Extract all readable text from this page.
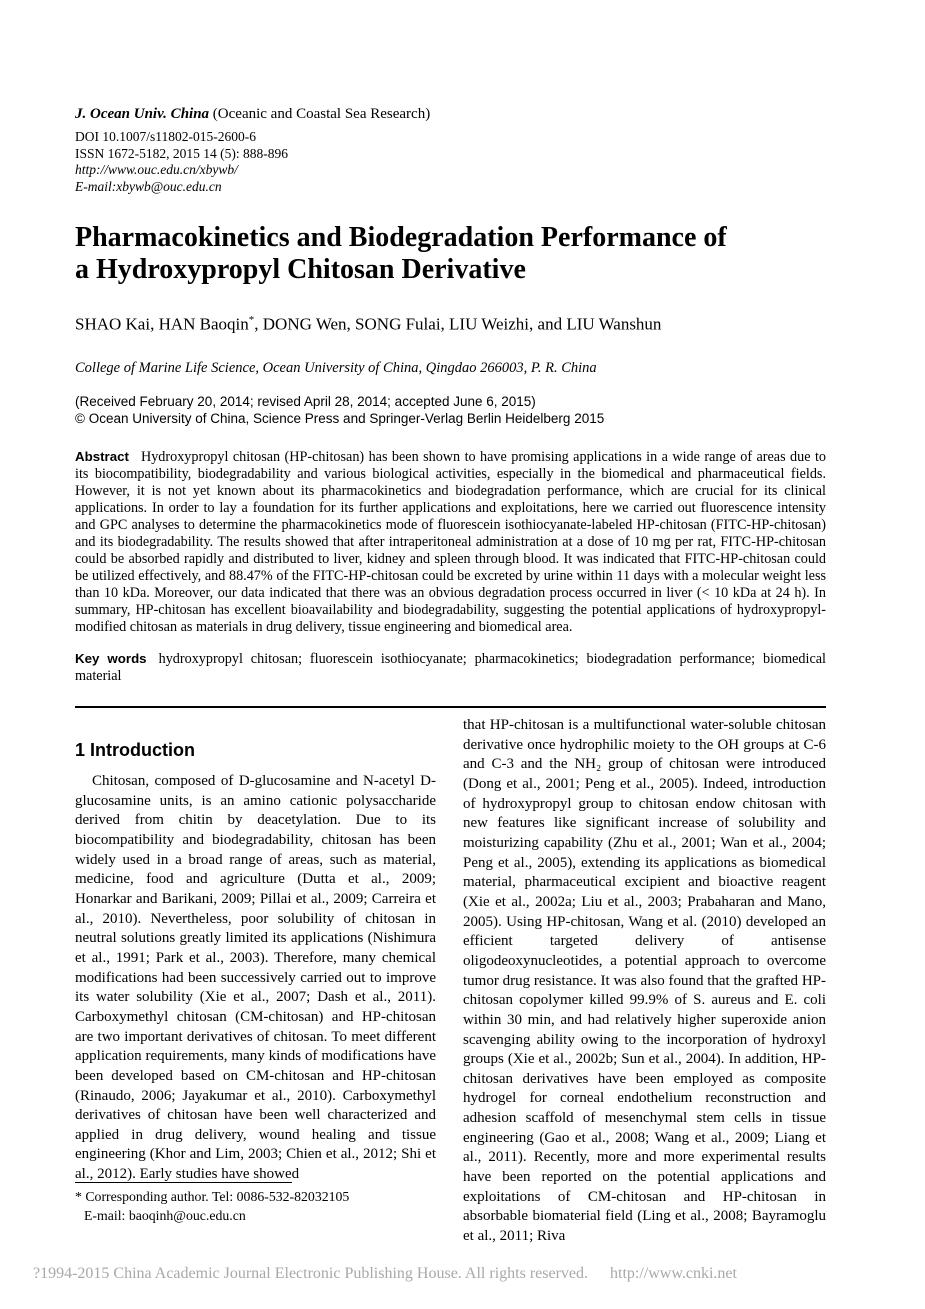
J. Ocean Univ. China (Oceanic and Coastal Sea Research)
DOI 10.1007/s11802-015-2600-6
ISSN 1672-5182, 2015 14 (5): 888-896
http://www.ouc.edu.cn/xbywb/
E-mail:xbywb@ouc.edu.cn
Pharmacokinetics and Biodegradation Performance of
a Hydroxypropyl Chitosan Derivative
SHAO Kai, HAN Baoqin*, DONG Wen, SONG Fulai, LIU Weizhi, and LIU Wanshun
College of Marine Life Science, Ocean University of China, Qingdao 266003, P. R. China
(Received February 20, 2014; revised April 28, 2014; accepted June 6, 2015)
© Ocean University of China, Science Press and Springer-Verlag Berlin Heidelberg 2015

Abstract Hydroxypropyl chitosan (HP-chitosan) has been shown to have promising applications in a wide range of areas due to its biocompatibility, biodegradability and various biological activities, especially in the biomedical and pharmaceutical fields. However, it is not yet known about its pharmacokinetics and biodegradation performance, which are crucial for its clinical applications. In order to lay a foundation for its further applications and exploitations, here we carried out fluorescence intensity and GPC analyses to determine the pharmacokinetics mode of fluorescein isothiocyanate-labeled HP-chitosan (FITC-HP-chitosan) and its biodegradability. The results showed that after intraperitoneal administration at a dose of 10 mg per rat, FITC-HP-chitosan could be absorbed rapidly and distributed to liver, kidney and spleen through blood. It was indicated that FITC-HP-chitosan could be utilized effectively, and 88.47% of the FITC-HP-chitosan could be excreted by urine within 11 days with a molecular weight less than 10 kDa. Moreover, our data indicated that there was an obvious degradation process occurred in liver (< 10 kDa at 24 h). In summary, HP-chitosan has excellent bioavailability and biodegradability, suggesting the potential applications of hydroxypropyl-modified chitosan as materials in drug delivery, tissue engineering and biomedical area.

Key words hydroxypropyl chitosan; fluorescein isothiocyanate; pharmacokinetics; biodegradation performance; biomedical material

1 Introduction

Chitosan, composed of D-glucosamine and N-acetyl D-glucosamine units, is an amino cationic polysaccharide derived from chitin by deacetylation. Due to its biocompatibility and biodegradability, chitosan has been widely used in a broad range of areas, such as material, medicine, food and agriculture (Dutta et al., 2009; Honarkar and Barikani, 2009; Pillai et al., 2009; Carreira et al., 2010). Nevertheless, poor solubility of chitosan in neutral solutions greatly limited its applications (Nishimura et al., 1991; Park et al., 2003). Therefore, many chemical modifications had been successively carried out to improve its water solubility (Xie et al., 2007; Dash et al., 2011). Carboxymethyl chitosan (CM-chitosan) and HP-chitosan are two important derivatives of chitosan. To meet different application requirements, many kinds of modifications have been developed based on CM-chitosan and HP-chitosan (Rinaudo, 2006; Jayakumar et al., 2010). Carboxymethyl derivatives of chitosan have been well characterized and applied in drug delivery, wound healing and tissue engineering (Khor and Lim, 2003; Chien et al., 2012; Shi et al., 2012). Early studies have showed

that HP-chitosan is a multifunctional water-soluble chitosan derivative once hydrophilic moiety to the OH groups at C-6 and C-3 and the NH₂ group of chitosan were introduced (Dong et al., 2001; Peng et al., 2005). Indeed, introduction of hydroxypropyl group to chitosan endow chitosan with new features like significant increase of solubility and moisturizing capability (Zhu et al., 2001; Wan et al., 2004; Peng et al., 2005), extending its applications as biomedical material, pharmaceutical excipient and bioactive reagent (Xie et al., 2002a; Liu et al., 2003; Prabaharan and Mano, 2005). Using HP-chitosan, Wang et al. (2010) developed an efficient targeted delivery of antisense oligodeoxynucleotides, a potential approach to overcome tumor drug resistance. It was also found that the grafted HP-chitosan copolymer killed 99.9% of S. aureus and E. coli within 30 min, and had relatively higher superoxide anion scavenging ability owing to the incorporation of hydroxyl groups (Xie et al., 2002b; Sun et al., 2004). In addition, HP-chitosan derivatives have been employed as composite hydrogel for corneal endothelium reconstruction and adhesion scaffold of mesenchymal stem cells in tissue engineering (Gao et al., 2008; Wang et al., 2009; Liang et al., 2011). Recently, more and more experimental results have been reported on the potential applications and exploitations of CM-chitosan and HP-chitosan in absorbable biomaterial field (Ling et al., 2008; Bayramoglu et al., 2011; Riva

* Corresponding author. Tel: 0086-532-82032105
E-mail: baoqinh@ouc.edu.cn
?1994-2015 China Academic Journal Electronic Publishing House. All rights reserved. http://www.cnki.net
